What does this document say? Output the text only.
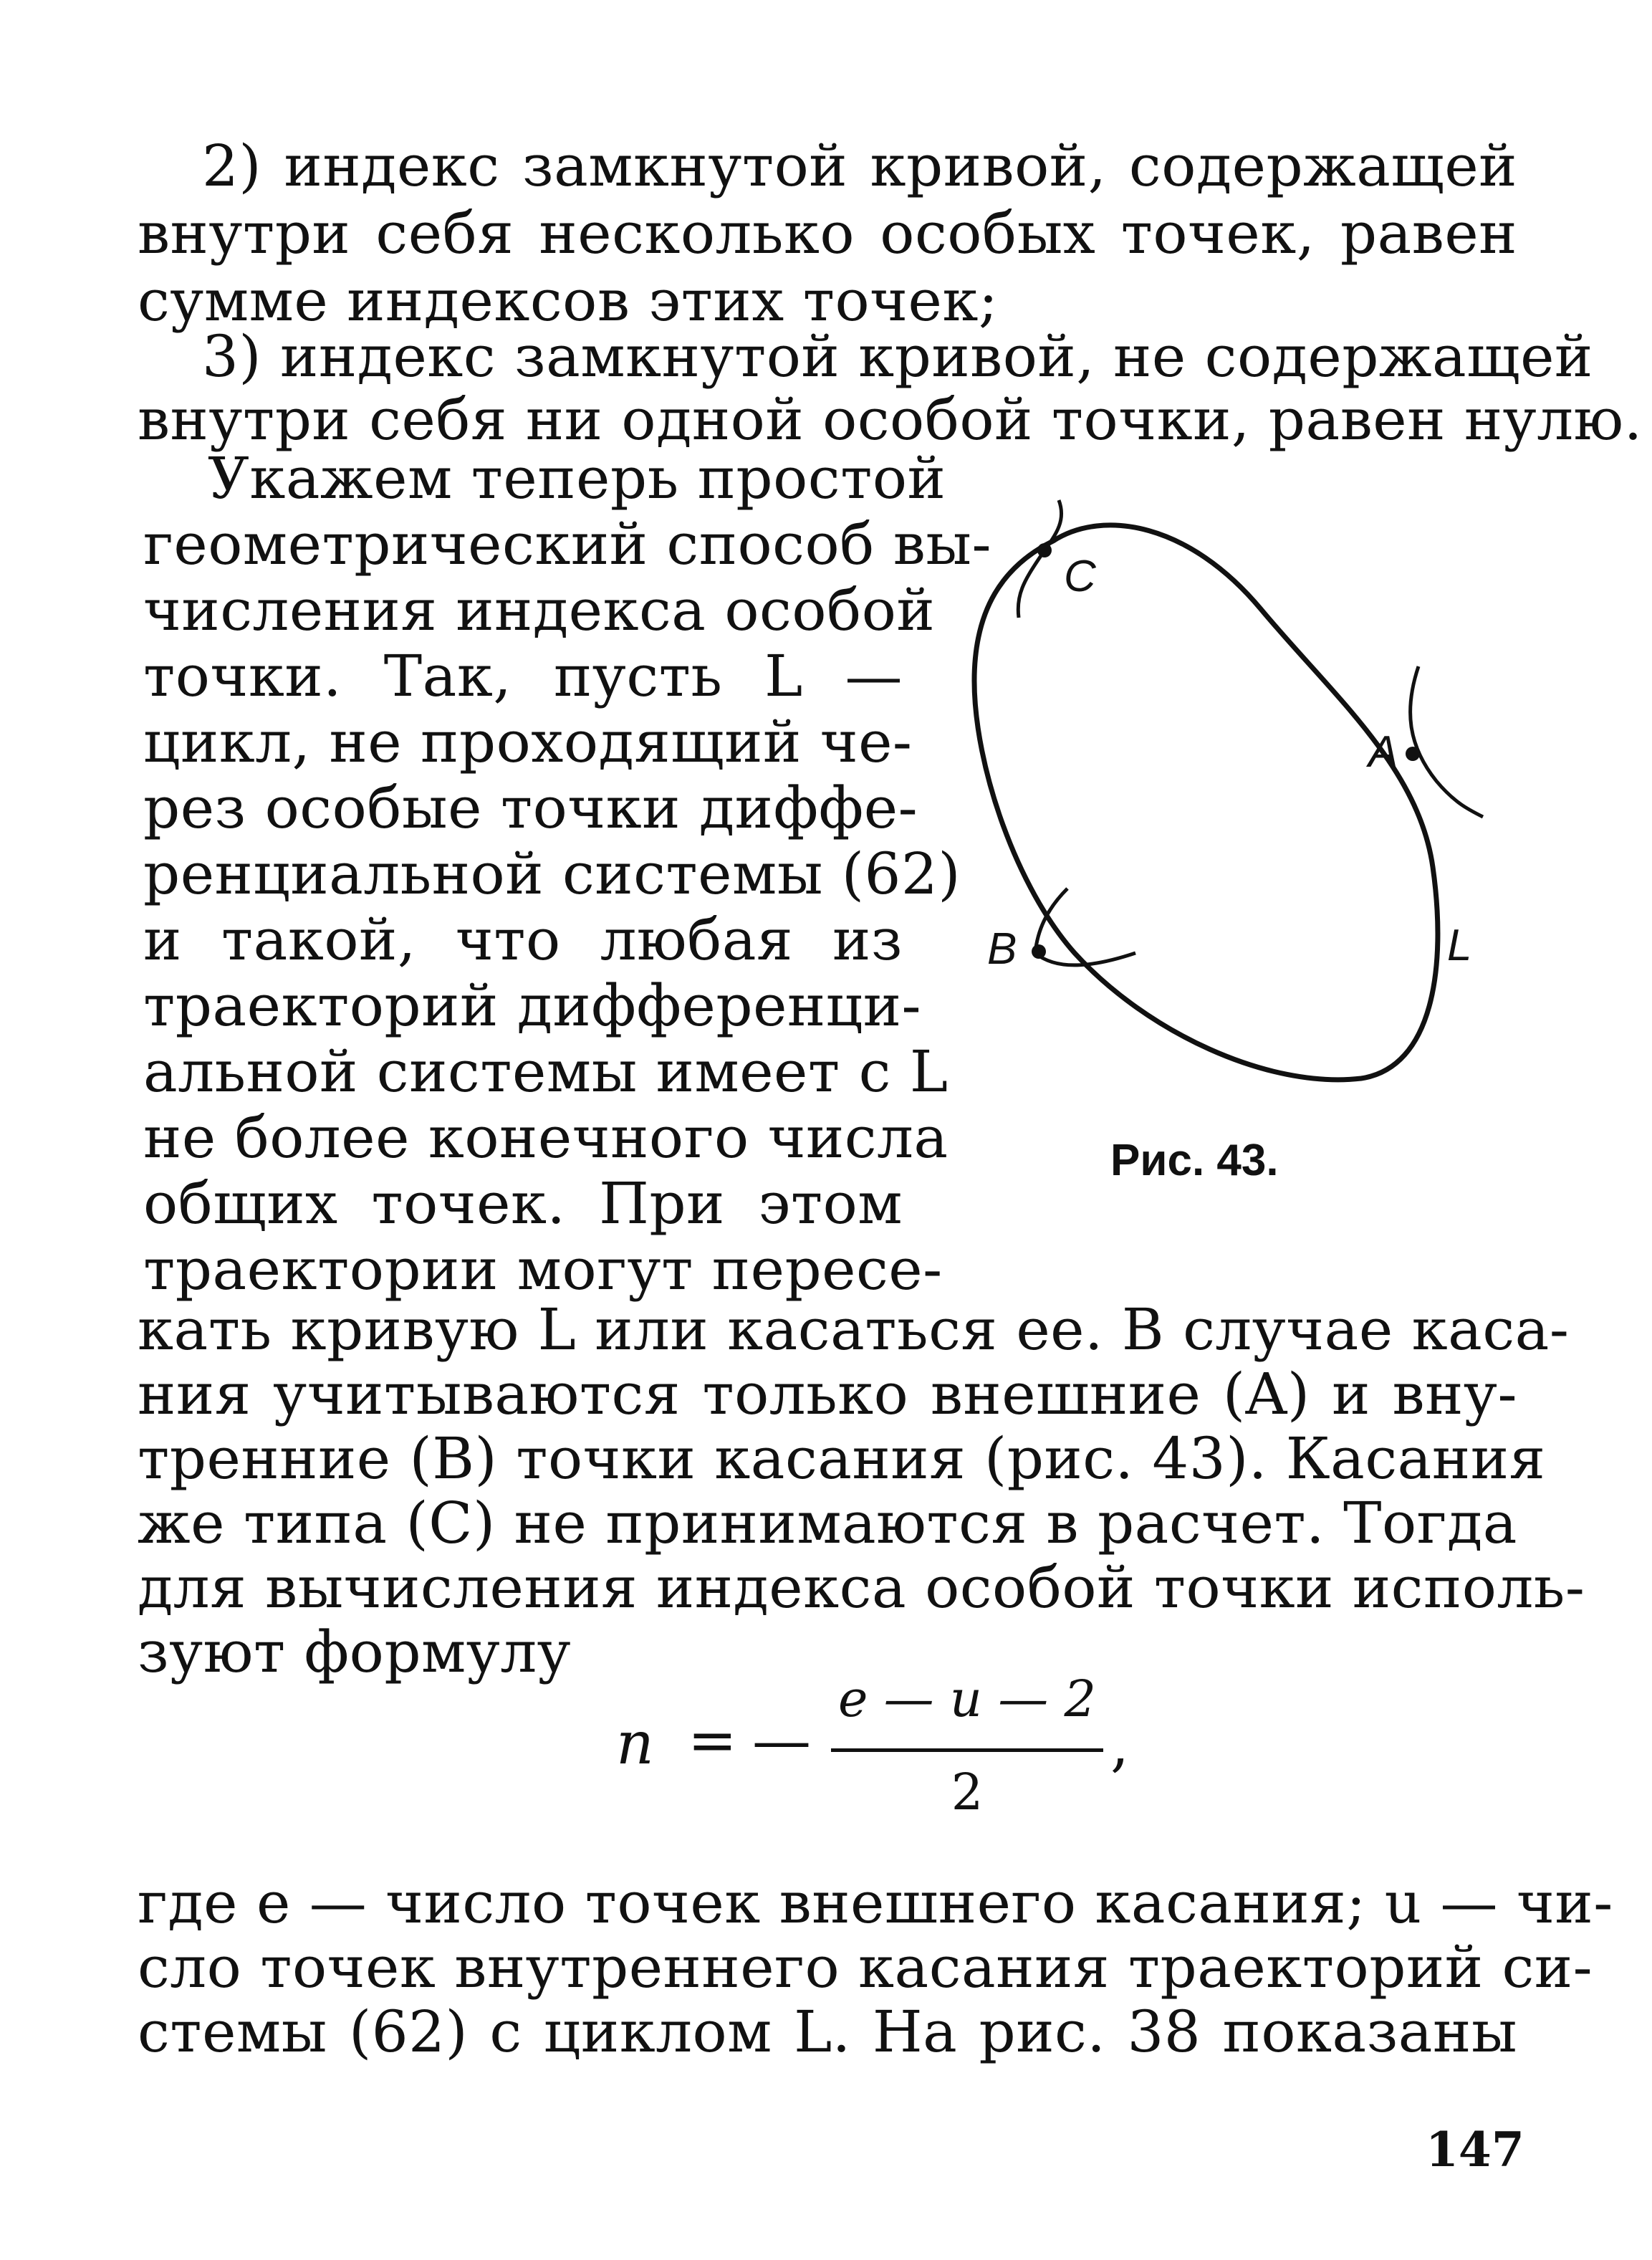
2) индекс замкнутой кривой, содержащей
внутри себя несколько особых точек, равен
сумме индексов этих точек;
3) индекс замкнутой кривой, не содержащей
внутри себя ни одной особой точки, равен нулю.
Укажем теперь простой
геометрический способ вы-
числения индекса особой
точки. Так, пусть L —
цикл, не проходящий че-
рез особые точки диффе-
ренциальной системы (62)
и такой, что любая из
траекторий дифференци-
альной системы имеет с L
не более конечного числа
общих точек. При этом
траектории могут пересе-
C
A
B	L
Рис. 43.
кать кривую L или касаться ее. В случае каса-
ния учитываются только внешние (A) и вну-
тренние (B) точки касания (рис. 43). Касания
же типа (C) не принимаются в расчет. Тогда
для вычисления индекса особой точки исполь-
зуют формулу
n = —
e — u — 2
2
,
где e — число точек внешнего касания; u — чи-
сло точек внутреннего касания траекторий си-
стемы (62) с циклом L. На рис. 38 показаны
147
